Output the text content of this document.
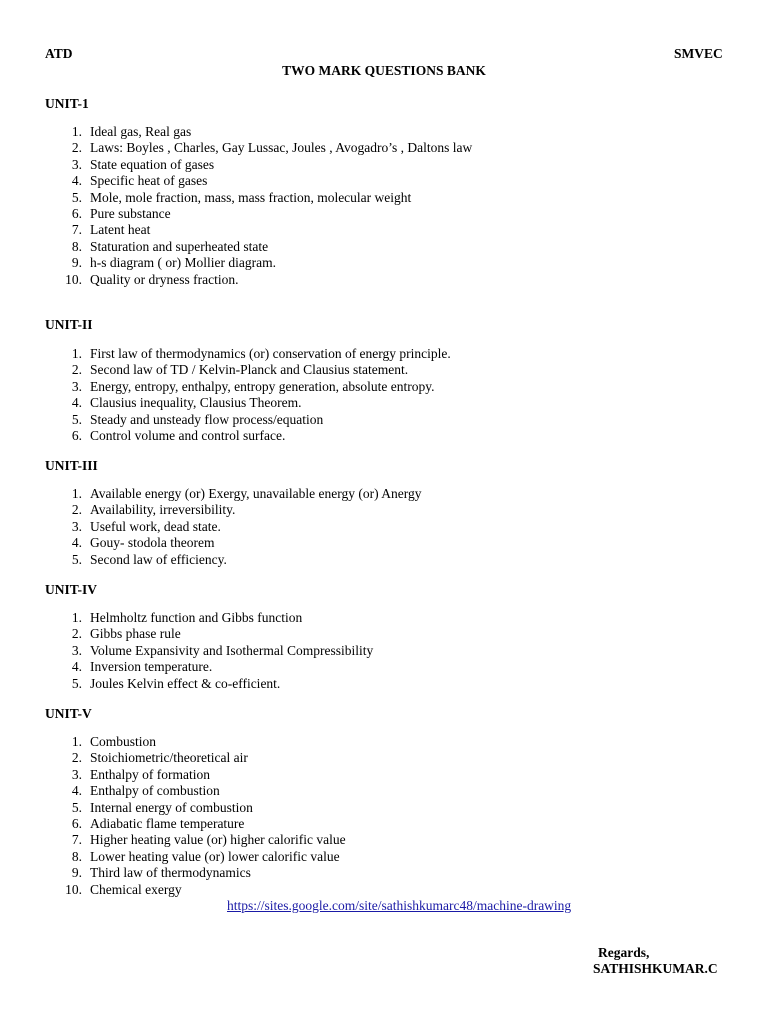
ATD	SMVEC
TWO MARK QUESTIONS BANK
UNIT-1
1. Ideal gas, Real gas
2. Laws: Boyles , Charles, Gay Lussac, Joules , Avogadro’s , Daltons law
3. State equation of gases
4. Specific heat of gases
5. Mole, mole fraction, mass, mass fraction, molecular weight
6. Pure substance
7. Latent heat
8. Staturation and superheated state
9. h-s diagram ( or) Mollier diagram.
10. Quality or dryness fraction.
UNIT-II
1. First law of thermodynamics (or) conservation of energy principle.
2. Second law of TD / Kelvin-Planck and Clausius statement.
3. Energy, entropy, enthalpy, entropy generation, absolute entropy.
4. Clausius inequality, Clausius Theorem.
5. Steady and unsteady flow process/equation
6. Control volume and control surface.
UNIT-III
1. Available energy (or) Exergy, unavailable energy (or) Anergy
2. Availability, irreversibility.
3. Useful work, dead state.
4. Gouy- stodola theorem
5. Second law of efficiency.
UNIT-IV
1. Helmholtz function and Gibbs function
2. Gibbs phase rule
3. Volume Expansivity and Isothermal Compressibility
4. Inversion temperature.
5. Joules Kelvin effect & co-efficient.
UNIT-V
1. Combustion
2. Stoichiometric/theoretical air
3. Enthalpy of formation
4. Enthalpy of combustion
5. Internal energy of combustion
6. Adiabatic flame temperature
7. Higher heating value (or) higher calorific value
8. Lower heating value (or) lower calorific value
9. Third law of thermodynamics
10. Chemical exergy
https://sites.google.com/site/sathishkumarc48/machine-drawing
Regards,
SATHISHKUMAR.C
